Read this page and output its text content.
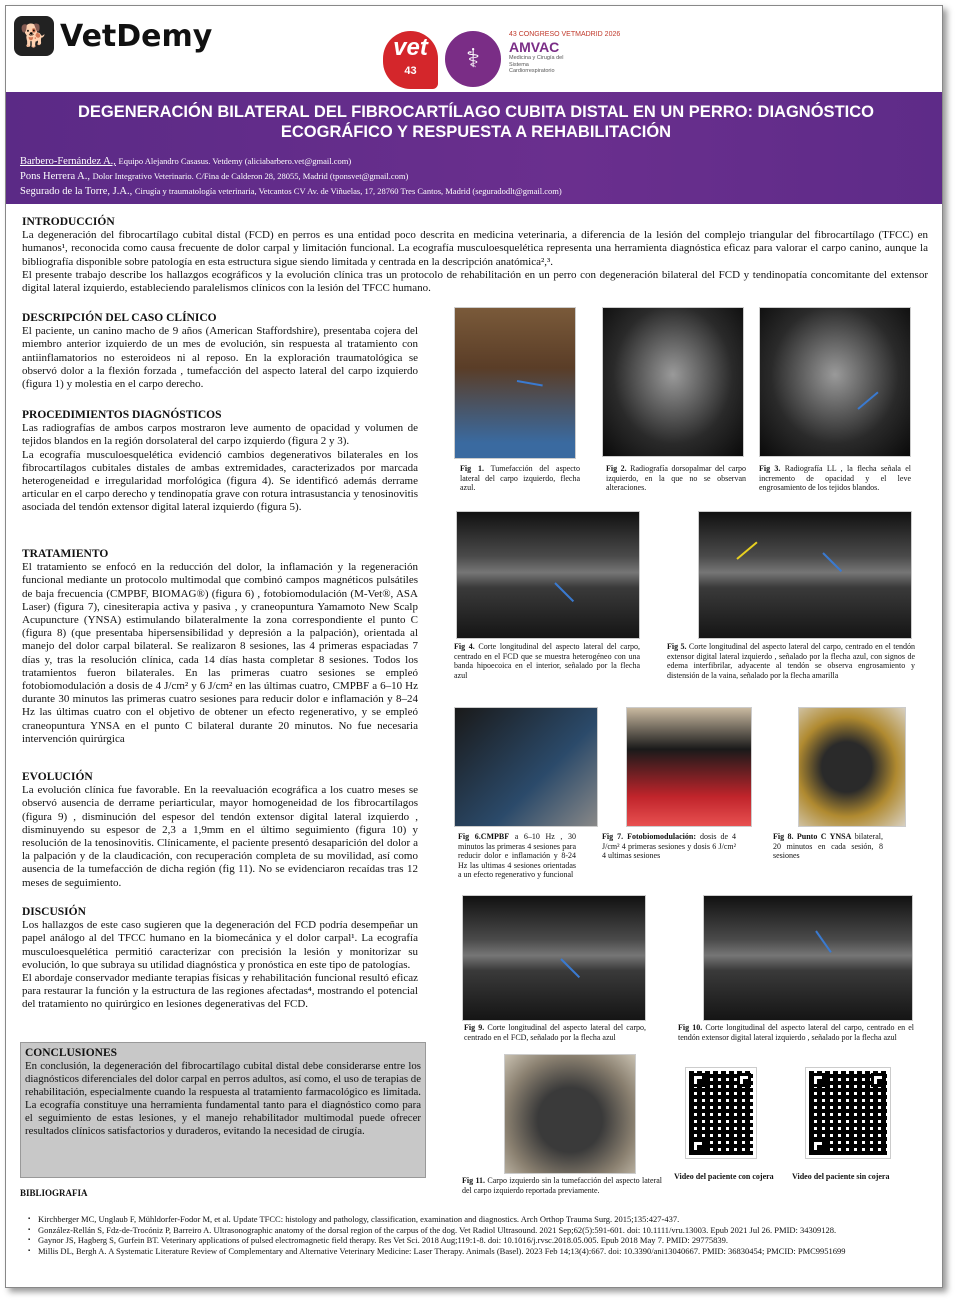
🐕 VetDemy	vet
43	⚕
43 CONGRESO VETMADRID 2026
AMVAC
Medicina y Cirugía del Sistema Cardiorrespiratorio
DEGENERACIÓN BILATERAL DEL FIBROCARTÍLAGO CUBITA DISTAL EN UN PERRO: DIAGNÓSTICO ECOGRÁFICO Y RESPUESTA A REHABILITACIÓN
Barbero-Fernández A., Equipo Alejandro Casasus. Vetdemy (aliciabarbero.vet@gmail.com)
Pons Herrera A., Dolor Integrativo Veterinario. C/Fina de Calderon 28, 28055, Madrid (tponsvet@gmail.com)
Segurado de la Torre, J.A., Cirugía y traumatología veterinaria, Vetcantos CV Av. de Viñuelas, 17, 28760 Tres Cantos, Madrid (seguradodlt@gmail.com)
INTRODUCCIÓN

La degeneración del fibrocartílago cubital distal (FCD) en perros es una entidad poco descrita en medicina veterinaria, a diferencia de la lesión del complejo triangular del fibrocartílago (TFCC) en humanos¹, reconocida como causa frecuente de dolor carpal y limitación funcional. La ecografía musculoesquelética representa una herramienta diagnóstica eficaz para valorar el carpo canino, aunque la bibliografía disponible sobre patología en esta estructura sigue siendo limitada y centrada en la descripción anatómica²,³.

El presente trabajo describe los hallazgos ecográficos y la evolución clínica tras un protocolo de rehabilitación en un perro con degeneración bilateral del FCD y tendinopatía concomitante del extensor digital lateral izquierdo, estableciendo paralelismos clínicos con la lesión del TFCC humano.

DESCRIPCIÓN DEL CASO CLÍNICO

El paciente, un canino macho de 9 años (American Staffordshire), presentaba cojera del miembro anterior izquierdo de un mes de evolución, sin respuesta al tratamiento con antiinflamatorios no esteroideos ni al reposo. En la exploración traumatológica se observó dolor a la flexión forzada , tumefacción del aspecto lateral del carpo izquierdo (figura 1) y molestia en el carpo derecho.

PROCEDIMIENTOS DIAGNÓSTICOS

Las radiografías de ambos carpos mostraron leve aumento de opacidad y volumen de tejidos blandos en la región dorsolateral del carpo izquierdo (figura 2 y 3).

La ecografía musculoesquelética evidenció cambios degenerativos bilaterales en los fibrocartílagos cubitales distales de ambas extremidades, caracterizados por marcada heterogeneidad e irregularidad morfológica (figura 4). Se identificó además derrame articular en el carpo derecho y tendinopatía grave con rotura intrasustancia y tenosinovitis asociada del tendón extensor digital lateral izquierdo (figura 5).

TRATAMIENTO

El tratamiento se enfocó en la reducción del dolor, la inflamación y la regeneración funcional mediante un protocolo multimodal que combinó campos magnéticos pulsátiles de baja frecuencia (CMPBF, BIOMAG®) (figura 6) , fotobiomodulación (M-Vet®, ASA Laser) (figura 7), cinesiterapia activa y pasiva , y craneopuntura Yamamoto New Scalp Acupuncture (YNSA) estimulando bilateralmente la zona correspondiente el punto C (figura 8) (que presentaba hipersensibilidad y depresión a la palpación), orientada al manejo del dolor carpal bilateral. Se realizaron 8 sesiones, las 4 primeras espaciadas 7 días y, tras la resolución clínica, cada 14 días hasta completar 8 sesiones. Todos los tratamientos fueron bilaterales. En las primeras cuatro sesiones se empleó fotobiomodulación a dosis de 4 J/cm² y 6 J/cm² en las últimas cuatro, CMPBF a 6–10 Hz durante 30 minutos las primeras cuatro sesiones para reducir dolor e inflamación y 8–24 Hz las últimas cuatro con el objetivo de obtener un efecto regenerativo, y se empleó craneopuntura YNSA en el punto C bilateral durante 20 minutos. No fue necesaria intervención quirúrgica

EVOLUCIÓN

La evolución clínica fue favorable. En la reevaluación ecográfica a los cuatro meses se observó ausencia de derrame periarticular, mayor homogeneidad de los fibrocartílagos (figura 9) , disminución del espesor del tendón extensor digital lateral izquierdo , disminuyendo su espesor de 2,3 a 1,9mm en el último seguimiento (figura 10) y resolución de la tenosinovitis. Clínicamente, el paciente presentó desaparición del dolor a la palpación y de la claudicación, con recuperación completa de su movilidad, así como ausencia de la tumefacción de dicha región (fig 11). No se evidenciaron recaídas tras 12 meses de seguimiento.

DISCUSIÓN

Los hallazgos de este caso sugieren que la degeneración del FCD podría desempeñar un papel análogo al del TFCC humano en la biomecánica y el dolor carpal¹. La ecografía musculoesquelética permitió caracterizar con precisión la lesión y monitorizar su evolución, lo que subraya su utilidad diagnóstica y pronóstica en este tipo de patologías.

El abordaje conservador mediante terapias físicas y rehabilitación funcional resultó eficaz para restaurar la función y la estructura de las regiones afectadas⁴, mostrando el potencial del tratamiento no quirúrgico en lesiones degenerativas del FCD.

CONCLUSIONES

En conclusión, la degeneración del fibrocartílago cubital distal debe considerarse entre los diagnósticos diferenciales del dolor carpal en perros adultos, así como, el uso de terapias de rehabilitación, especialmente cuando la respuesta al tratamiento farmacológico es limitada. La ecografía constituye una herramienta fundamental tanto para el diagnóstico como para el seguimiento de estas lesiones, y el manejo rehabilitador multimodal puede ofrecer resultados clínicos satisfactorios y duraderos, evitando la necesidad de cirugía.

BIBLIOGRAFIA
▪ Kirchberger MC, Unglaub F, Mühldorfer-Fodor M, et al. Update TFCC: histology and pathology, classification, examination and diagnostics. Arch Orthop Trauma Surg. 2015;135:427-437.
▪ González-Rellán S, Fdz-de-Trocóniz P, Barreiro A. Ultrasonographic anatomy of the dorsal region of the carpus of the dog. Vet Radiol Ultrasound. 2021 Sep;62(5):591-601. doi: 10.1111/vru.13003. Epub 2021 Jul 26. PMID: 34309128.
▪ Gaynor JS, Hagberg S, Gurfein BT. Veterinary applications of pulsed electromagnetic field therapy. Res Vet Sci. 2018 Aug;119:1-8. doi: 10.1016/j.rvsc.2018.05.005. Epub 2018 May 7. PMID: 29775839.
▪ Millis DL, Bergh A. A Systematic Literature Review of Complementary and Alternative Veterinary Medicine: Laser Therapy. Animals (Basel). 2023 Feb 14;13(4):667. doi: 10.3390/ani13040667. PMID: 36830454; PMCID: PMC9951699
Fig 1. Tumefacción del aspecto lateral del carpo izquierdo, flecha azul.
Fig 2. Radiografía dorsopalmar del carpo izquierdo, en la que no se observan alteraciones.
Fig 3. Radiografía LL , la flecha señala el incremento de opacidad y el leve engrosamiento de los tejidos blandos.
Fig 4. Corte longitudinal del aspecto lateral del carpo, centrado en el FCD que se muestra heterogéneo con una banda hipoecoica en el interior, señalado por la flecha azul
Fig 5. Corte longitudinal del aspecto lateral del carpo, centrado en el tendón extensor digital lateral izquierdo , señalado por la flecha azul, con signos de edema interfibrilar, adyacente al tendón se observa engrosamiento y distensión de la vaina, señalado por la flecha amarilla
Fig 6.CMPBF a 6–10 Hz , 30 minutos las primeras 4 sesiones para reducir dolor e inflamación y 8-24 Hz las ultimas 4 sesiones orientadas a un efecto regenerativo y funcional
Fig 7. Fotobiomodulación: dosis de 4 J/cm² 4 primeras sesiones y dosis 6 J/cm² 4 ultimas sesiones
Fig 8. Punto C YNSA bilateral, 20 minutos en cada sesión, 8 sesiones
Fig 9. Corte longitudinal del aspecto lateral del carpo, centrado en el FCD, señalado por la flecha azul
Fig 10. Corte longitudinal del aspecto lateral del carpo, centrado en el tendón extensor digital lateral izquierdo , señalado por la flecha azul
Fig 11. Carpo izquierdo sin la tumefacción del aspecto lateral del carpo izquierdo reportada previamente.
Video del paciente con cojera Video del paciente sin cojera
